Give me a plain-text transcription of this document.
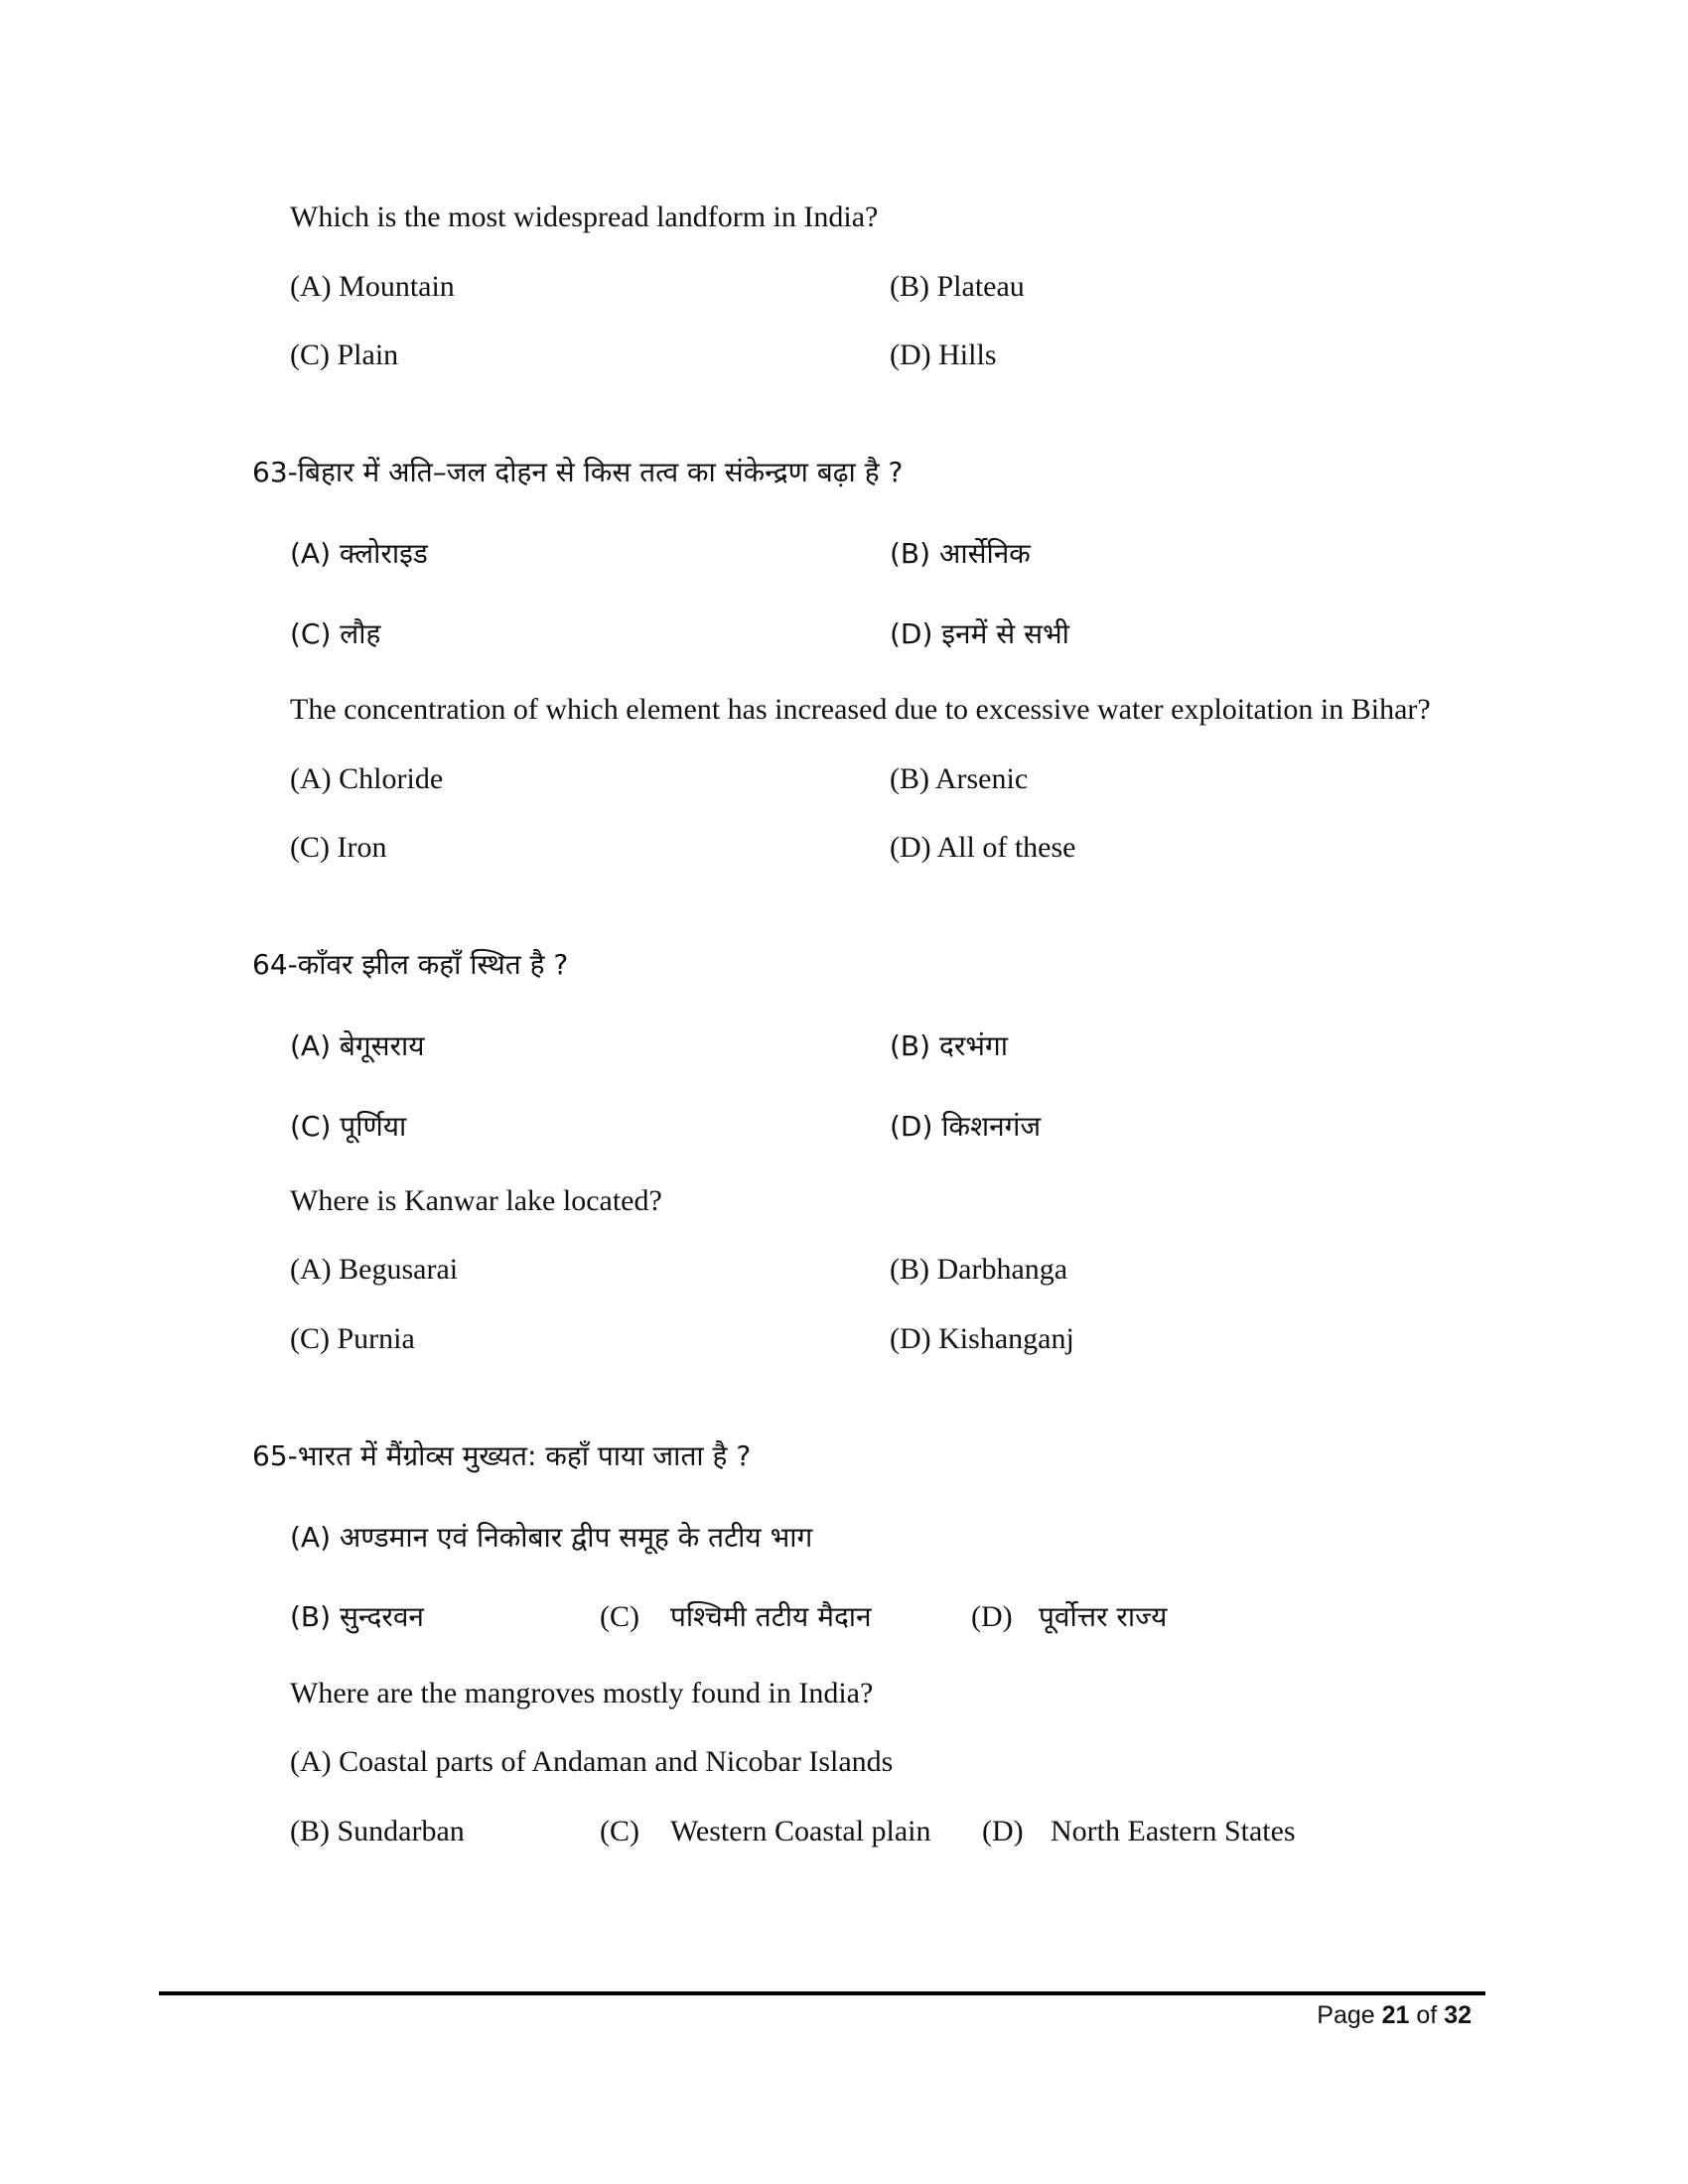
Which is the most widespread landform in India?
(A) Mountain	(B) Plateau
(C) Plain	(D) Hills
63-बिहार में अति–जल दोहन से किस तत्व का संकेन्द्रण बढ़ा है ?
(A) क्लोराइड	(B) आर्सेनिक
(C) लौह	(D) इनमें से सभी
The concentration of which element has increased due to excessive water exploitation in Bihar?
(A) Chloride	(B) Arsenic
(C) Iron	(D) All of these
64-काँवर झील कहाँ स्थित है ?
(A) बेगूसराय	(B) दरभंगा
(C) पूर्णिया	(D) किशनगंज
Where is Kanwar lake located?
(A) Begusarai	(B) Darbhanga
(C) Purnia	(D) Kishanganj
65-भारत में मैंग्रोव्स मुख्यत: कहाँ पाया जाता है ?
(A) अण्डमान एवं निकोबार द्वीप समूह के तटीय भाग
(B) सुन्दरवन	(C) पश्चिमी तटीय मैदान	(D) पूर्वोत्तर राज्य
Where are the mangroves mostly found in India?
(A) Coastal parts of Andaman and Nicobar Islands
(B) Sundarban	(C) Western Coastal plain (D) North Eastern States
Page 21 of 32
